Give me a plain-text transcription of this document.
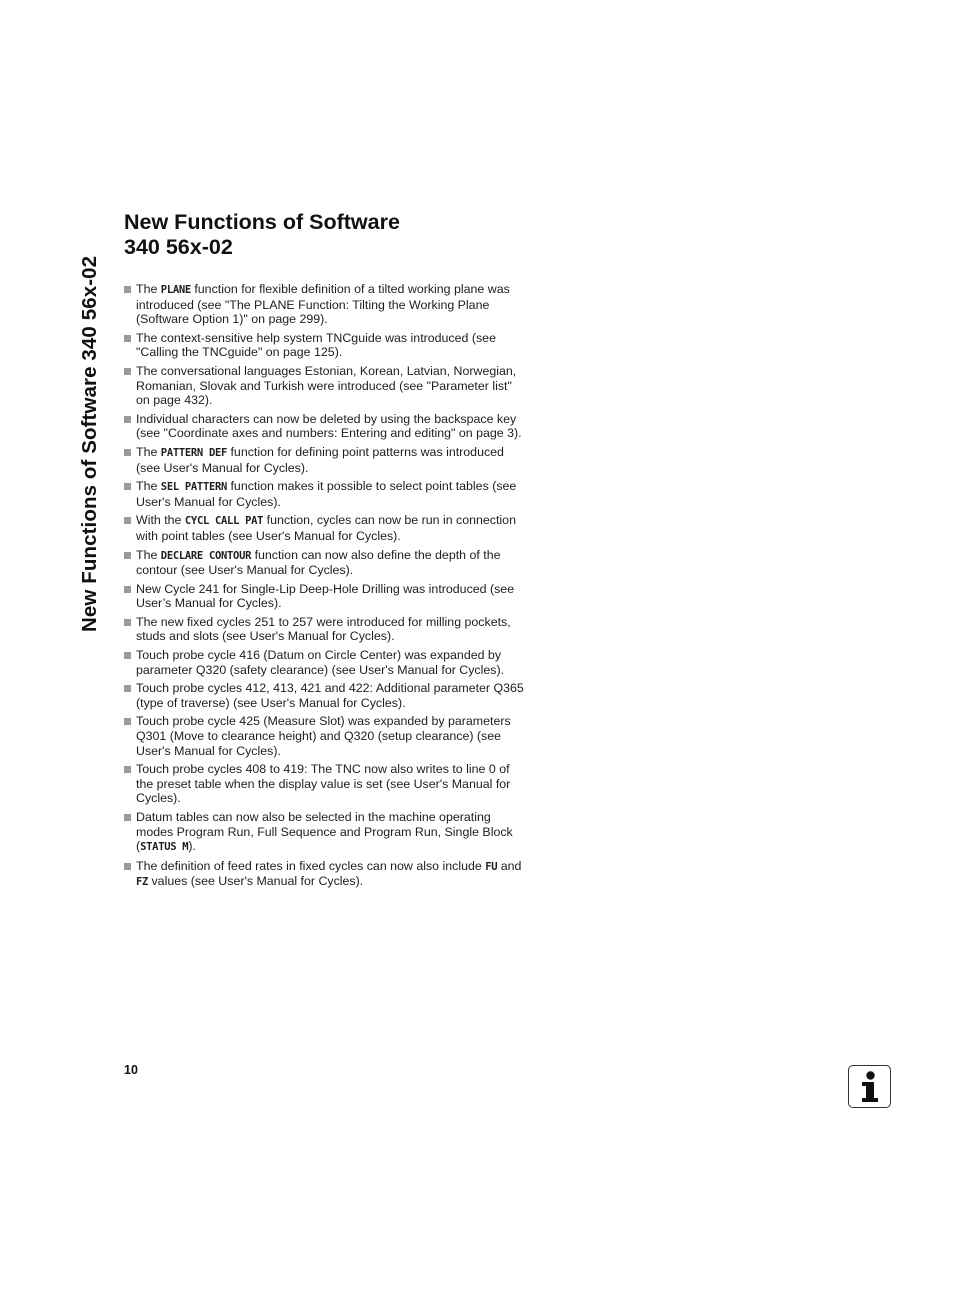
New Functions of Software 340 56x-02
New Functions of Software
340 56x-02
The PLANE function for flexible definition of a tilted working plane was introduced (see "The PLANE Function: Tilting the Working Plane (Software Option 1)" on page 299).
The context-sensitive help system TNCguide was introduced (see "Calling the TNCguide" on page 125).
The conversational languages Estonian, Korean, Latvian, Norwegian, Romanian, Slovak and Turkish were introduced (see "Parameter list" on page 432).
Individual characters can now be deleted by using the backspace key (see "Coordinate axes and numbers: Entering and editing" on page 3).
The PATTERN DEF function for defining point patterns was introduced (see User's Manual for Cycles).
The SEL PATTERN function makes it possible to select point tables (see User's Manual for Cycles).
With the CYCL CALL PAT function, cycles can now be run in connection with point tables (see User's Manual for Cycles).
The DECLARE CONTOUR function can now also define the depth of the contour (see User's Manual for Cycles).
New Cycle 241 for Single-Lip Deep-Hole Drilling was introduced (see User’s Manual for Cycles).
The new fixed cycles 251 to 257 were introduced for milling pockets, studs and slots (see User's Manual for Cycles).
Touch probe cycle 416 (Datum on Circle Center) was expanded by parameter Q320 (safety clearance) (see User's Manual for Cycles).
Touch probe cycles 412, 413, 421 and 422: Additional parameter Q365 (type of traverse) (see User's Manual for Cycles).
Touch probe cycle 425 (Measure Slot) was expanded by parameters Q301 (Move to clearance height) and Q320 (setup clearance) (see User's Manual for Cycles).
Touch probe cycles 408 to 419: The TNC now also writes to line 0 of the preset table when the display value is set (see User's Manual for Cycles).
Datum tables can now also be selected in the machine operating modes Program Run, Full Sequence and Program Run, Single Block (STATUS M).
The definition of feed rates in fixed cycles can now also include FU and FZ values (see User's Manual for Cycles).
10
